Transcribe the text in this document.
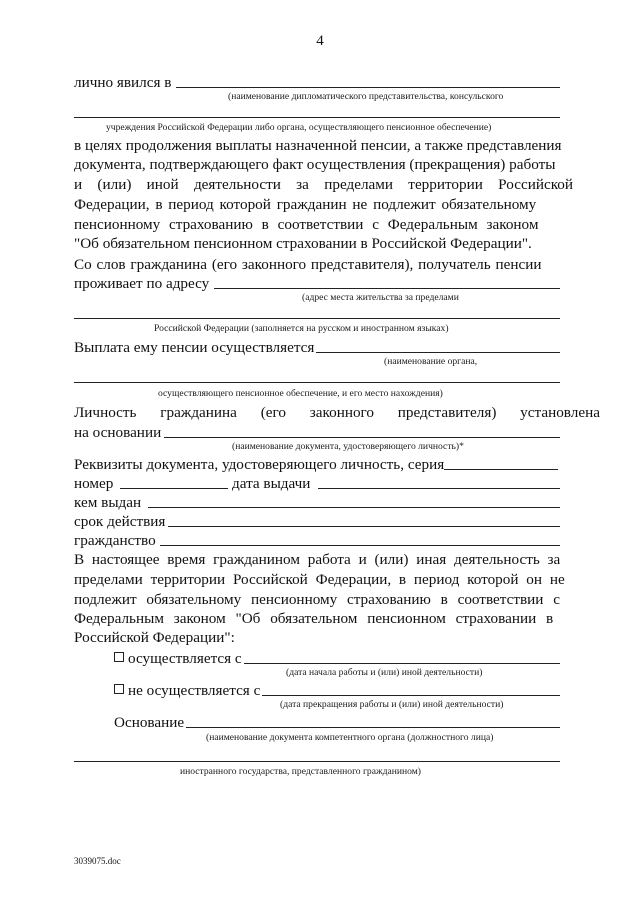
4
лично явился в
(наименование дипломатического представительства, консульского
учреждения Российской Федерации либо органа, осуществляющего пенсионное обеспечение)
в целях продолжения выплаты назначенной пенсии, а также представления
документа, подтверждающего факт осуществления (прекращения) работы
и (или) иной деятельности за пределами территории Российской
Федерации, в период которой гражданин не подлежит обязательному
пенсионному страхованию в соответствии с Федеральным законом
"Об обязательном пенсионном страховании в Российской Федерации".
Со слов гражданина (его законного представителя), получатель пенсии
проживает по адресу
(адрес места жительства за пределами
Российской Федерации (заполняется на русском и иностранном языках)
Выплата ему пенсии осуществляется
(наименование органа,
осуществляющего пенсионное обеспечение, и его место нахождения)
Личность гражданина (его законного представителя) установлена
на основании
(наименование документа, удостоверяющего личность)*
Реквизиты документа, удостоверяющего личность, серия
номер	дата выдачи
кем выдан
срок действия
гражданство
В настоящее время гражданином работа и (или) иная деятельность за
пределами территории Российской Федерации, в период которой он не
подлежит обязательному пенсионному страхованию в соответствии с
Федеральным законом "Об обязательном пенсионном страховании в
Российской Федерации":
осуществляется с
(дата начала работы и (или) иной деятельности)
не осуществляется с
(дата прекращения работы и (или) иной деятельности)
Основание
(наименование документа компетентного органа (должностного лица)
иностранного государства, представленного гражданином)
3039075.doc
